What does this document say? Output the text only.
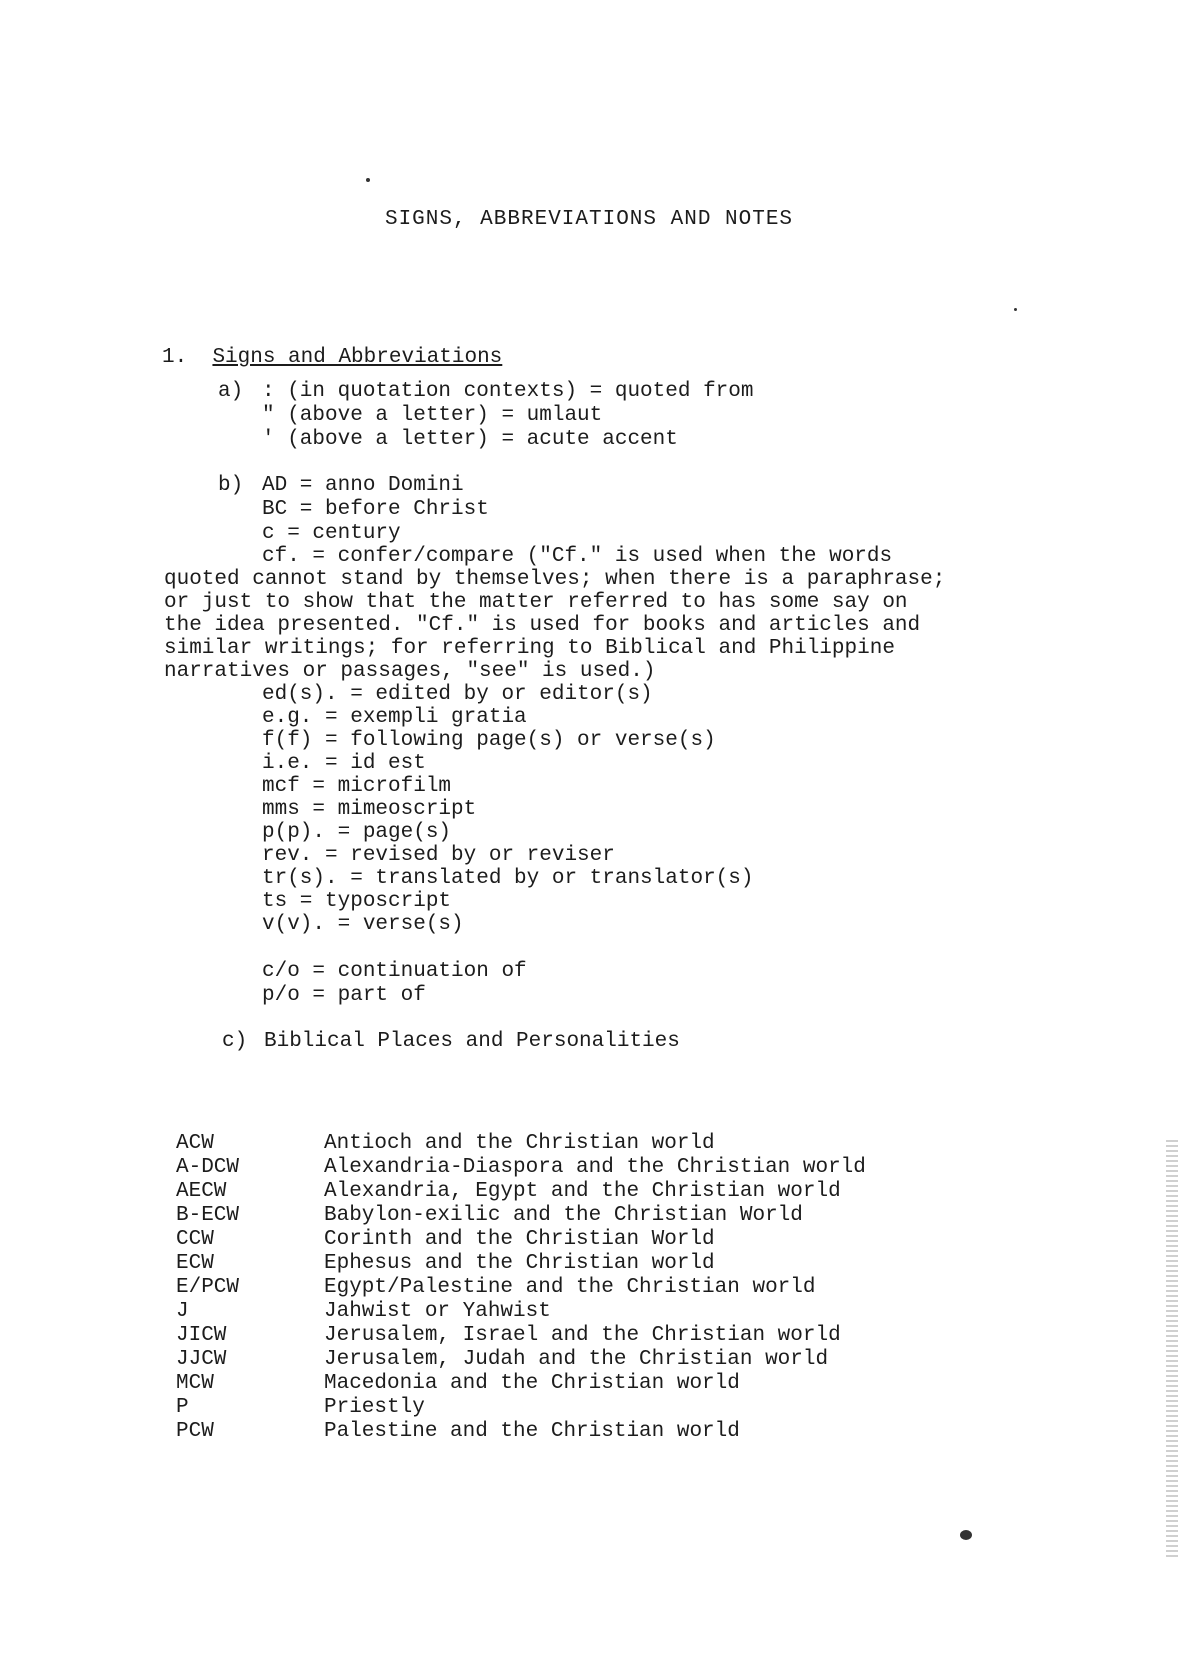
SIGNS, ABBREVIATIONS AND NOTES
1. Signs and Abbreviations
a) : (in quotation contexts) = quoted from
" (above a letter) = umlaut
' (above a letter) = acute accent
b) AD = anno Domini
BC = before Christ
c = century
cf. = confer/compare ("Cf." is used when the words
quoted cannot stand by themselves; when there is a paraphrase;
or just to show that the matter referred to has some say on
the idea presented. "Cf." is used for books and articles and
similar writings; for referring to Biblical and Philippine
narratives or passages, "see" is used.)
ed(s). = edited by or editor(s)
e.g. = exempli gratia
f(f) = following page(s) or verse(s)
i.e. = id est
mcf = microfilm
mms = mimeoscript
p(p). = page(s)
rev. = revised by or reviser
tr(s). = translated by or translator(s)
ts = typoscript
v(v). = verse(s)
c/o = continuation of
p/o = part of
c) Biblical Places and Personalities
ACW	Antioch and the Christian world
A-DCW	Alexandria-Diaspora and the Christian world
AECW	Alexandria, Egypt and the Christian world
B-ECW	Babylon-exilic and the Christian World
CCW	Corinth and the Christian World
ECW	Ephesus and the Christian world
E/PCW	Egypt/Palestine and the Christian world
J	Jahwist or Yahwist
JICW	Jerusalem, Israel and the Christian world
JJCW	Jerusalem, Judah and the Christian world
MCW	Macedonia and the Christian world
P	Priestly
PCW	Palestine and the Christian world
